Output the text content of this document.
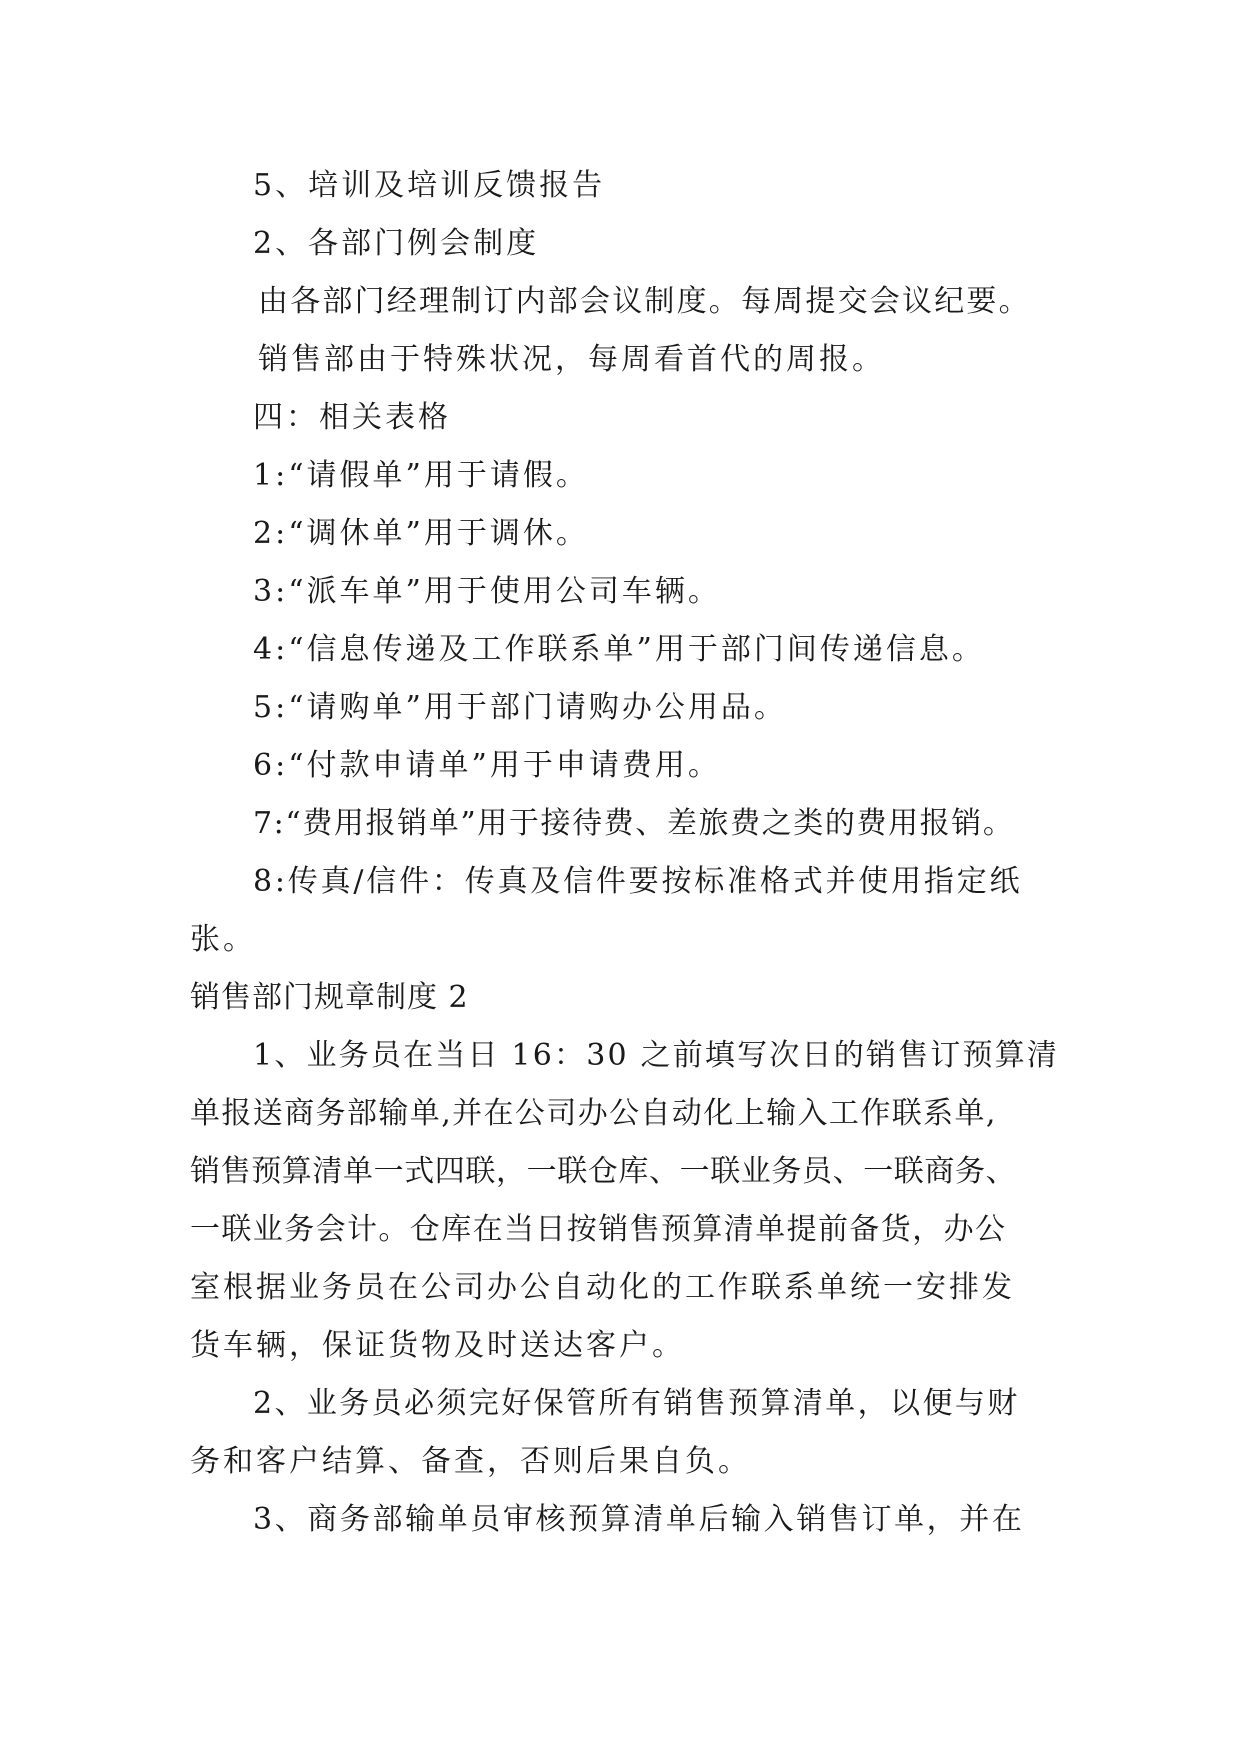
5、培训及培训反馈报告
2、各部门例会制度
由各部门经理制订内部会议制度。每周提交会议纪要。
销售部由于特殊状况，每周看首代的周报。
四：相关表格
1:“请假单”用于请假。
2:“调休单”用于调休。
3:“派车单”用于使用公司车辆。
4:“信息传递及工作联系单”用于部门间传递信息。
5:“请购单”用于部门请购办公用品。
6:“付款申请单”用于申请费用。
7:“费用报销单”用于接待费、差旅费之类的费用报销。
8:传真/信件：传真及信件要按标准格式并使用指定纸
张。
销售部门规章制度 2
1、业务员在当日 16：30 之前填写次日的销售订预算清
单报送商务部输单,并在公司办公自动化上输入工作联系单,
销售预算清单一式四联，一联仓库、一联业务员、一联商务、
一联业务会计。仓库在当日按销售预算清单提前备货，办公
室根据业务员在公司办公自动化的工作联系单统一安排发
货车辆，保证货物及时送达客户。
2、业务员必须完好保管所有销售预算清单，以便与财
务和客户结算、备查，否则后果自负。
3、商务部输单员审核预算清单后输入销售订单，并在
